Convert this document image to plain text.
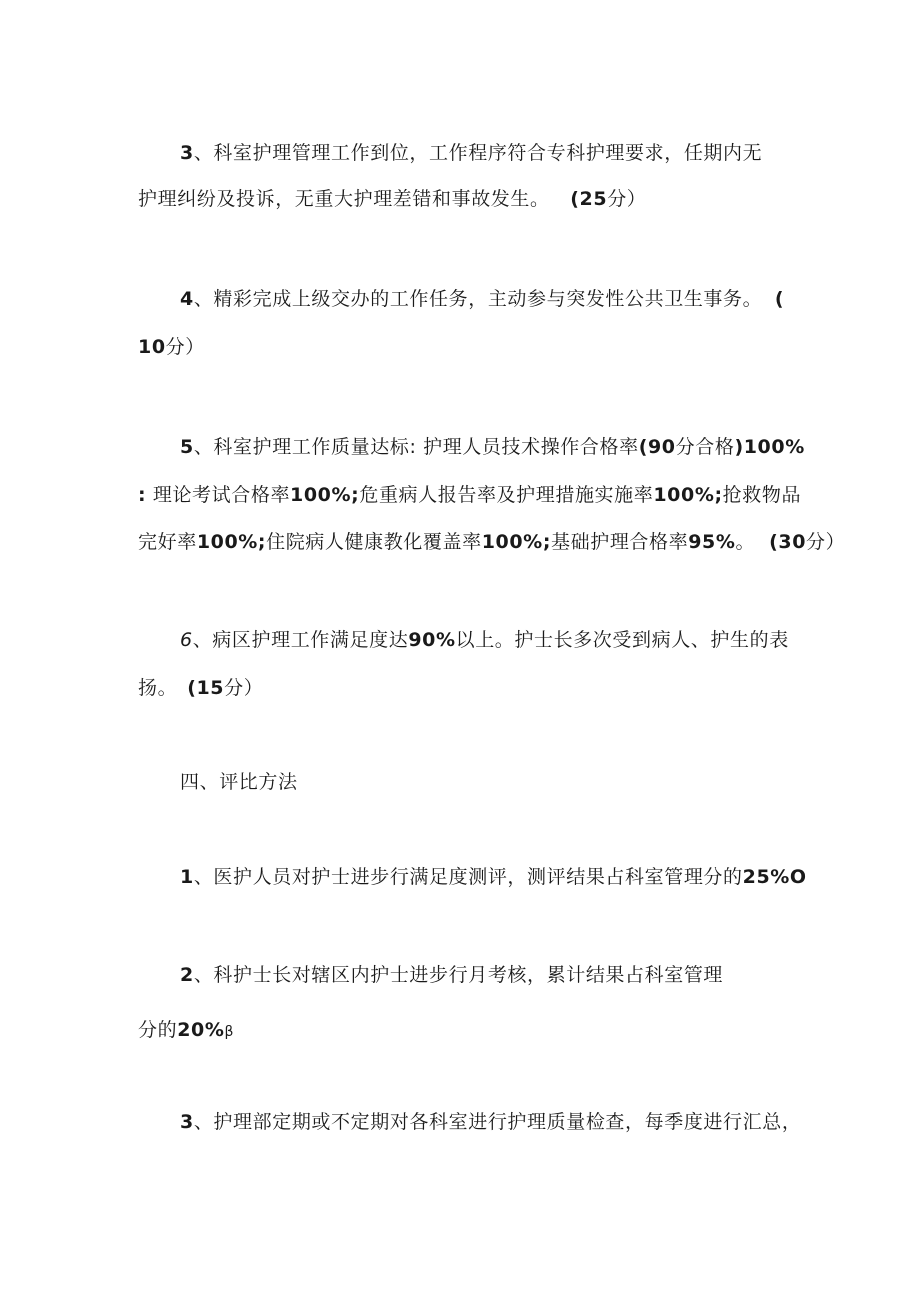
3、科室护理管理工作到位，工作程序符合专科护理要求，任期内无
护理纠纷及投诉，无重大护理差错和事故发生。 (25分）
4、精彩完成上级交办的工作任务，主动参与突发性公共卫生事务。 (
10分）
5、科室护理工作质量达标: 护理人员技术操作合格率(90分合格)100%
: 理论考试合格率100%;危重病人报告率及护理措施实施率100%;抢救物品
完好率100%;住院病人健康教化覆盖率100%;基础护理合格率95%。 (30分）
6、病区护理工作满足度达90%以上。护士长多次受到病人、护生的表
扬。 (15分）
四、评比方法
1、医护人员对护士进步行满足度测评，测评结果占科室管理分的25%O
2、科护士长对辖区内护士进步行月考核，累计结果占科室管理
分的20%β
3、护理部定期或不定期对各科室进行护理质量检查，每季度进行汇总，
